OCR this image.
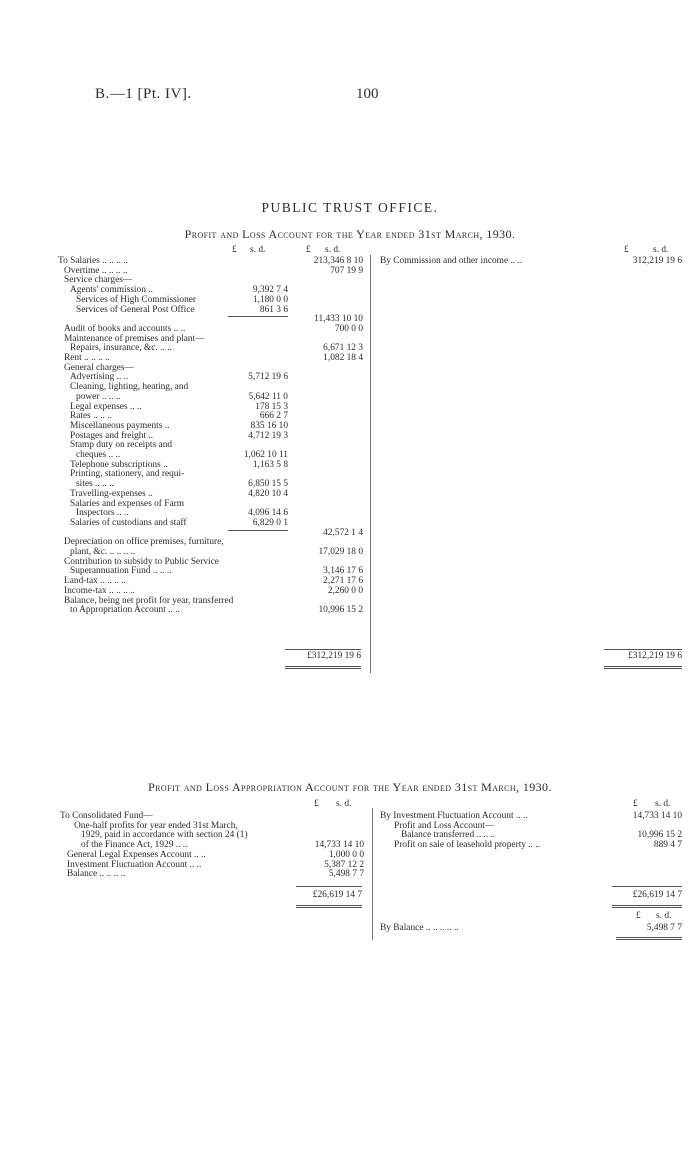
B.—1 [Pt. IV].	100
PUBLIC TRUST OFFICE.
Profit and Loss Account for the Year ended 31st March, 1930.
£ s. d.	£ s. d.	£	s. d.
To Salaries .. .. .. ..	213,346 8 10
Overtime .. .. .. ..	707 19 9
Service charges—
Agents' commission ..	9,392 7 4
Services of High Commissioner	1,180 0 0
Services of General Post Office	861 3 6
11,433 10 10
Audit of books and accounts .. ..	700 0 0
Maintenance of premises and plant—
Repairs, insurance, &c. .. ..	6,671 12 3
Rent .. .. .. ..	1,082 18 4
General charges—
Advertising .. ..	5,712 19 6
Cleaning, lighting, heating, and
power .. .. ..	5,642 11 0
Legal expenses .. ..	178 15 3
Rates .. .. ..	666 2 7
Miscellaneous payments ..	835 16 10
Postages and freight ..	4,712 19 3
Stamp duty on receipts and
cheques .. ..	1,062 10 11
Telephone subscriptions ..	1,163 5 8
Printing, stationery, and requi-
sites .. .. ..	6,850 15 5
Travelling-expenses ..	4,820 10 4
Salaries and expenses of Farm
Inspectors .. ..	4,096 14 6
Salaries of custodians and staff	6,829 0 1
42,572 1 4
Depreciation on office premises, furniture,
plant, &c. .. .. .. ..	17,029 18 0
Contribution to subsidy to Public Service
Superannuation Fund .. .. ..	3,146 17 6
Land-tax .. .. .. ..	2,271 17 6
Income-tax .. .. .. ..	2,260 0 0
Balance, being net profit for year, transferred
to Appropriation Account .. ..	10,996 15 2
By Commission and other income .. ..	312,219 19 6
£312,219 19 6	£312,219 19 6
Profit and Loss Appropriation Account for the Year ended 31st March, 1930.
£ s. d.	£ s. d.
To Consolidated Fund—
One-half profits for year ended 31st March,
1929, paid in accordance with section 24 (1)
of the Finance Act, 1929 .. ..	14,733 14 10
General Legal Expenses Account .. ..	1,000 0 0
Investment Fluctuation Account .. ..	5,387 12 2
Balance .. .. .. ..	5,498 7 7
By Investment Fluctuation Account .. ..	14,733 14 10
Profit and Loss Account—
Balance transferred .. .. ..	10,996 15 2
Profit on sale of leasehold property .. ..	889 4 7
£26,619 14 7	£26,619 14 7
£ s. d.
By Balance .. .. .. .. ..	5,498 7 7
